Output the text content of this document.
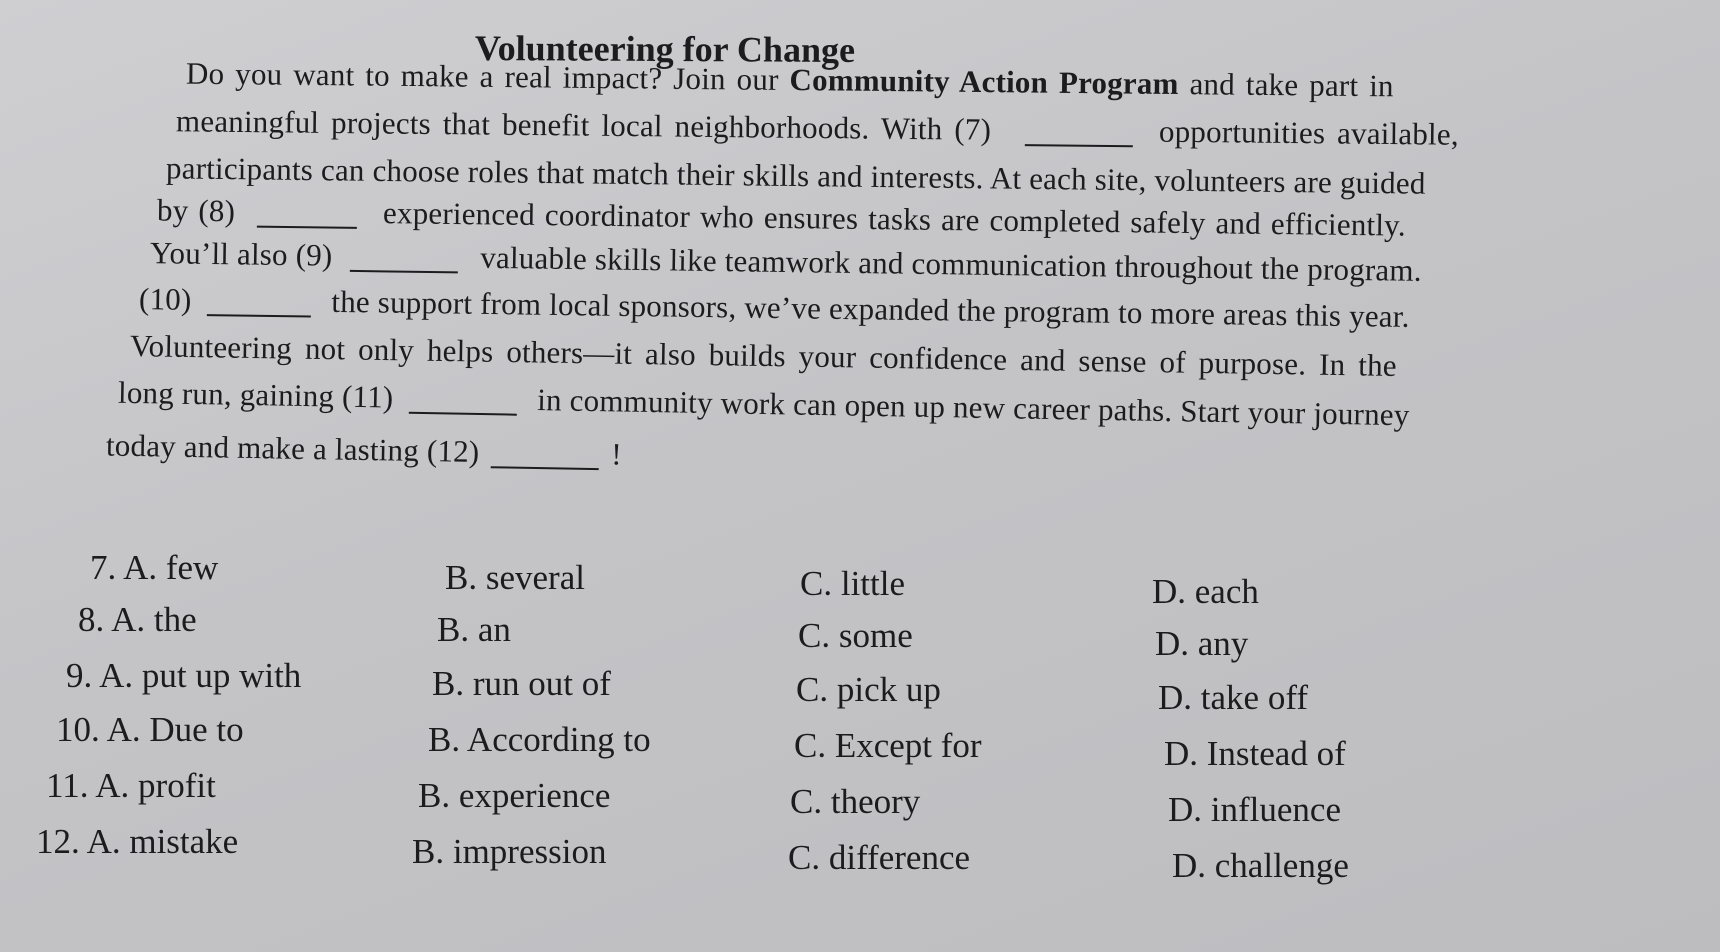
Volunteering for Change
Do you want to make a real impact? Join our Community Action Program and take part in
meaningful projects that benefit local neighborhoods. With (7)	opportunities available,
participants can choose roles that match their skills and interests. At each site, volunteers are guided
by (8)	experienced coordinator who ensures tasks are completed safely and efficiently.
You’ll also (9)	valuable skills like teamwork and communication throughout the program.
(10)	the support from local sponsors, we’ve expanded the program to more areas this year.
Volunteering not only helps others—it also builds your confidence and sense of purpose. In the
long run, gaining (11)	in community work can open up new career paths. Start your journey
today and make a lasting (12)	!
7. A. few	B. several	C. little	D. each
8. A. the	B. an	C. some	D. any
9. A. put up with	B. run out of	C. pick up	D. take off
10. A. Due to	B. According to	C. Except for	D. Instead of
11. A. profit	B. experience	C. theory	D. influence
12. A. mistake	B. impression	C. difference	D. challenge
